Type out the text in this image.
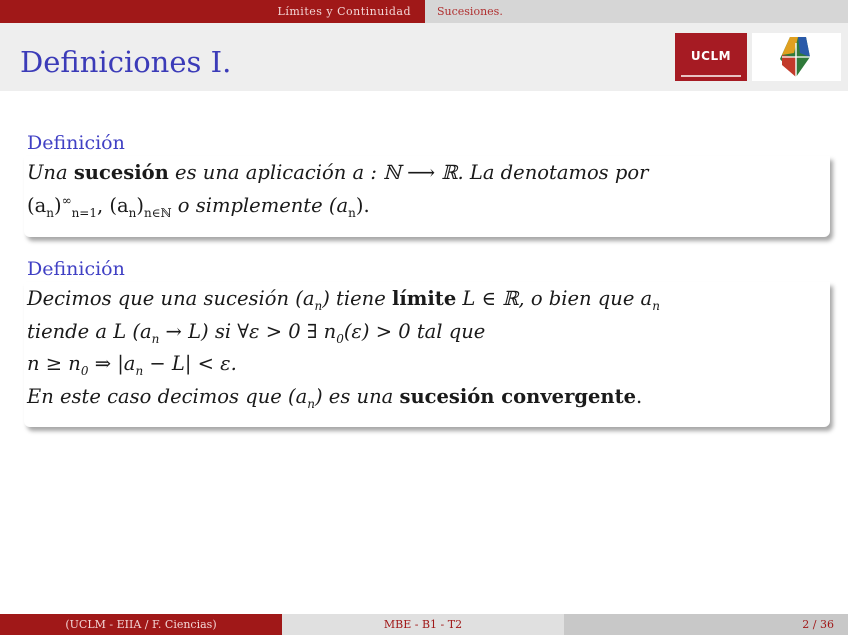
Límites y Continuidad	Sucesiones.
Definiciones I.	UCLM
Definición
Una sucesión es una aplicación a : ℕ ⟶ ℝ. La denotamos por
$(a_n)^\infty_{n=1}$, $(a_n)_{n\in ℕ}$ o simplemente $(a_n)$.
Definición
Decimos que una sucesión $(a_n)$ tiene límite L ∈ ℝ, o bien que $a_n$
tiende a L $(a_n \to L)$ si ∀ε > 0 ∃ $n_0(\varepsilon) > 0$ tal que
$n \ge n_0$ ⇒ $|a_n - L| < \varepsilon$.
En este caso decimos que $(a_n)$ es una sucesión convergente.
(UCLM - EIIA / F. Ciencias)	MBE - B1 - T2	2 / 36
